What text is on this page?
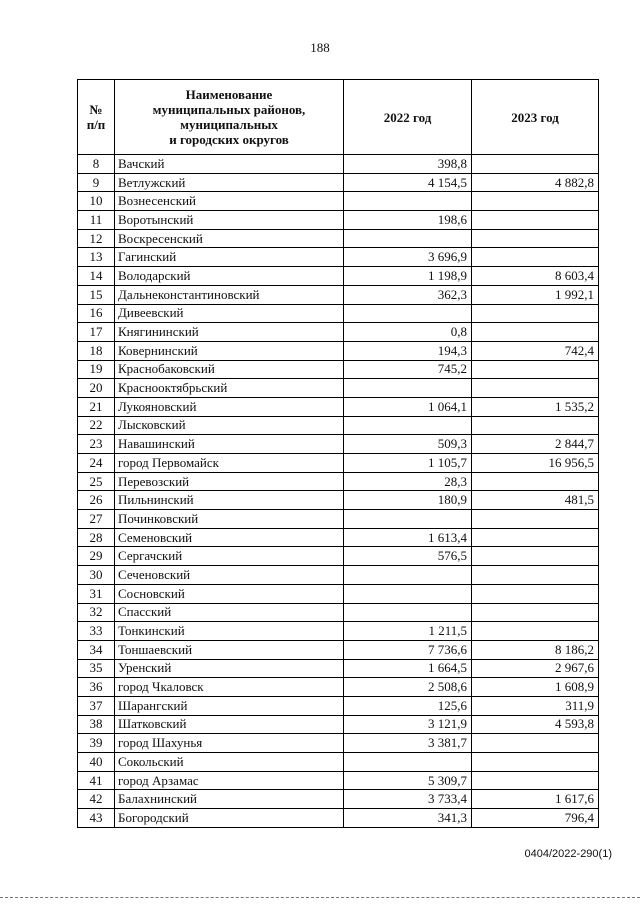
188
№
п/п	Наименование
муниципальных районов,
муниципальных
и городских округов	2022 год	2023 год
8	Вачский	398,8	
9	Ветлужский	4 154,5	4 882,8
10	Вознесенский		
11	Воротынский	198,6	
12	Воскресенский		
13	Гагинский	3 696,9	
14	Володарский	1 198,9	8 603,4
15	Дальнеконстантиновский	362,3	1 992,1
16	Дивеевский		
17	Княгининский	0,8	
18	Ковернинский	194,3	742,4
19	Краснобаковский	745,2	
20	Краснооктябрьский		
21	Лукояновский	1 064,1	1 535,2
22	Лысковский		
23	Навашинский	509,3	2 844,7
24	город Первомайск	1 105,7	16 956,5
25	Перевозский	28,3	
26	Пильнинский	180,9	481,5
27	Починковский		
28	Семеновский	1 613,4	
29	Сергачский	576,5	
30	Сеченовский		
31	Сосновский		
32	Спасский		
33	Тонкинский	1 211,5	
34	Тоншаевский	7 736,6	8 186,2
35	Уренский	1 664,5	2 967,6
36	город Чкаловск	2 508,6	1 608,9
37	Шарангский	125,6	311,9
38	Шатковский	3 121,9	4 593,8
39	город Шахунья	3 381,7	
40	Сокольский		
41	город Арзамас	5 309,7	
42	Балахнинский	3 733,4	1 617,6
43	Богородский	341,3	796,4
0404/2022-290(1)
